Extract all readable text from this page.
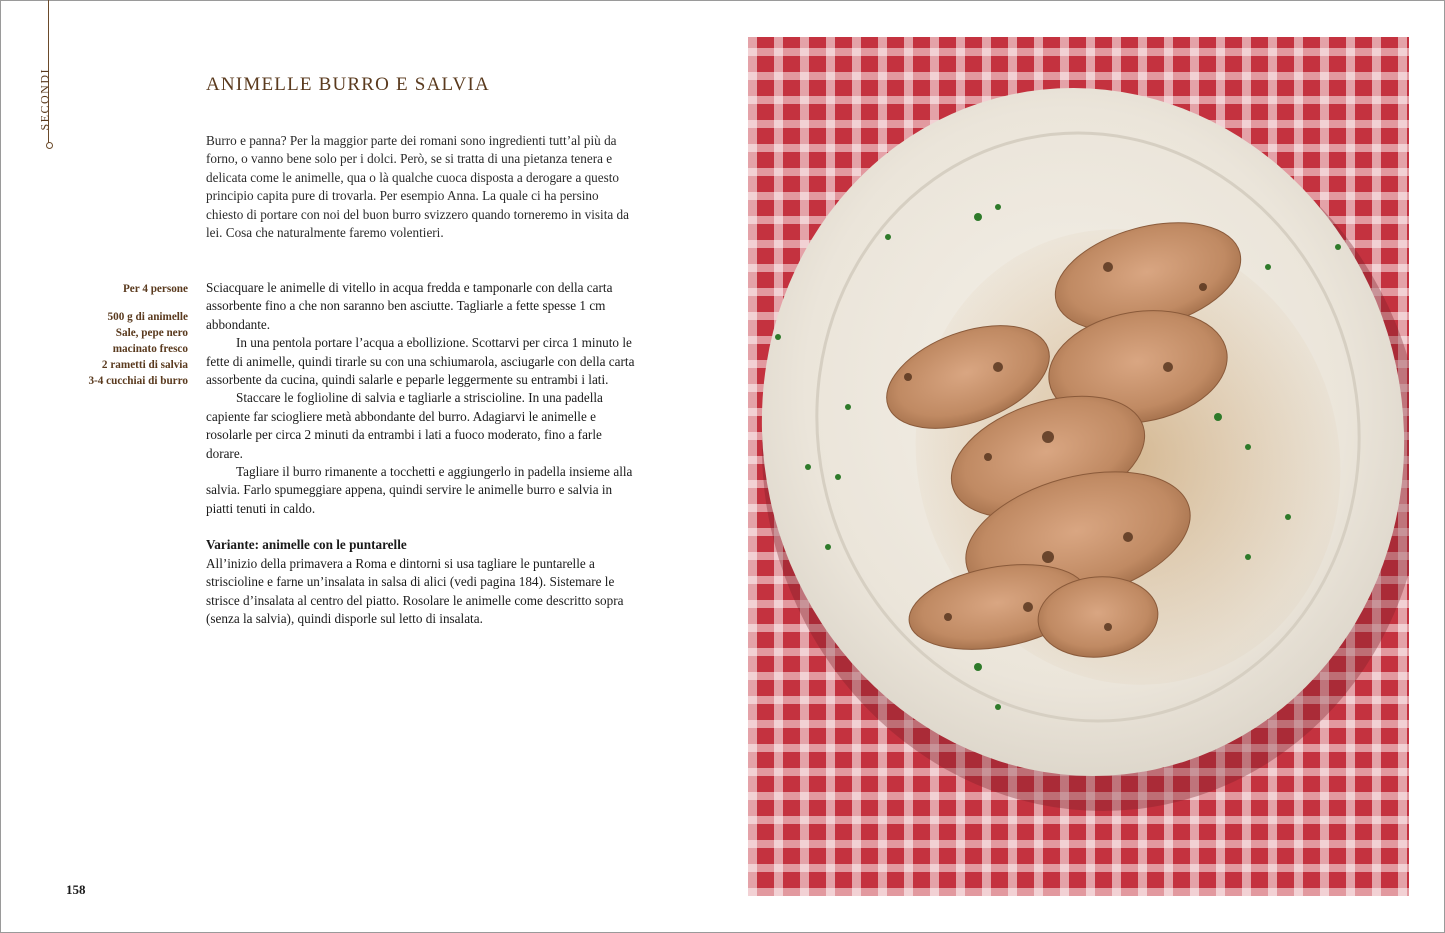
SECONDI	ANIMELLE BURRO E SALVIA

Burro e panna? Per la maggior parte dei romani sono ingredienti tutt’al più da forno, o vanno bene solo per i dolci. Però, se si tratta di una pietanza tenera e delicata come le animelle, qua o là qualche cuoca disposta a derogare a questo principio capita pure di trovarla. Per esempio Anna. La quale ci ha persino chiesto di portare con noi del buon burro svizzero quando torneremo in visita da lei. Cosa che naturalmente faremo volentieri.

Per 4 persone
500 g di animelle
Sale, pepe nero
macinato fresco
2 rametti di salvia
3-4 cucchiai di burro

Sciacquare le animelle di vitello in acqua fredda e tamponarle con della carta assorbente fino a che non saranno ben asciutte. Tagliarle a fette spesse 1 cm abbondante.

In una pentola portare l’acqua a ebollizione. Scottarvi per circa 1 minuto le fette di animelle, quindi tirarle su con una schiumarola, asciugarle con della carta assorbente da cucina, quindi salarle e peparle leggermente su entrambi i lati.

Staccare le foglioline di salvia e tagliarle a striscioline. In una padella capiente far sciogliere metà abbondante del burro. Adagiarvi le animelle e rosolarle per circa 2 minuti da entrambi i lati a fuoco moderato, fino a farle dorare.

Tagliare il burro rimanente a tocchetti e aggiungerlo in padella insieme alla salvia. Farlo spumeggiare appena, quindi servire le animelle burro e salvia in piatti tenuti in caldo.

Variante: animelle con le puntarelle

All’inizio della primavera a Roma e dintorni si usa tagliare le puntarelle a striscioline e farne un’insalata in salsa di alici (vedi pagina 184). Sistemare le strisce d’insalata al centro del piatto. Rosolare le animelle come descritto sopra (senza la salvia), quindi disporle sul letto di insalata.

158
